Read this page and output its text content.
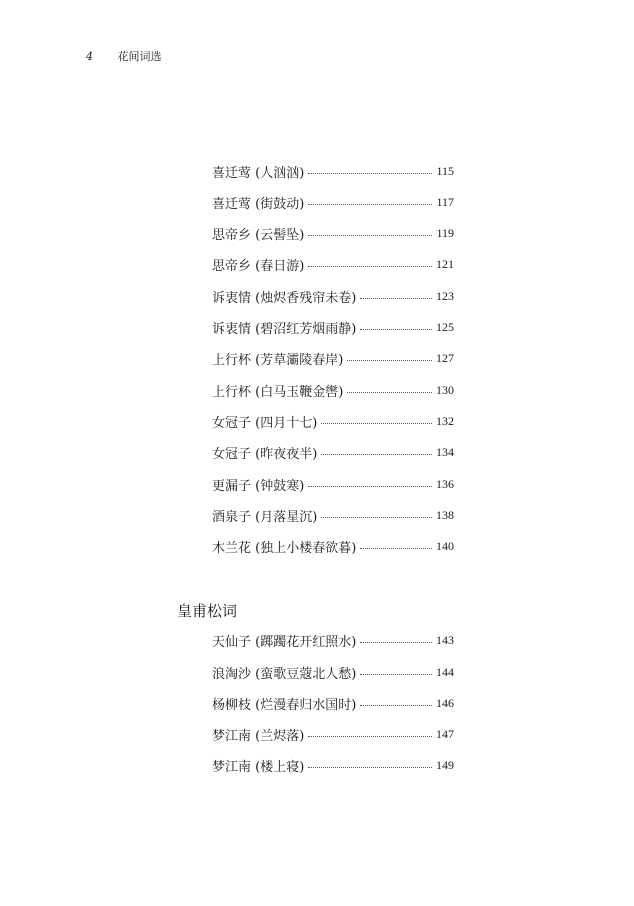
4 花间词选
喜迁莺 (人汹汹)	115
喜迁莺 (街鼓动)	117
思帝乡 (云髻坠)	119
思帝乡 (春日游)	121
诉衷情 (烛烬香残帘未卷)	123
诉衷情 (碧沼红芳烟雨静)	125
上行杯 (芳草灞陵春岸)	127
上行杯 (白马玉鞭金辔)	130
女冠子 (四月十七)	132
女冠子 (昨夜夜半)	134
更漏子 (钟鼓寒)	136
酒泉子 (月落星沉)	138
木兰花 (独上小楼春欲暮)	140
皇甫松词
天仙子 (踯躅花开红照水)	143
浪淘沙 (蛮歌豆蔻北人愁)	144
杨柳枝 (烂漫春归水国时)	146
梦江南 (兰烬落)	147
梦江南 (楼上寝)	149
